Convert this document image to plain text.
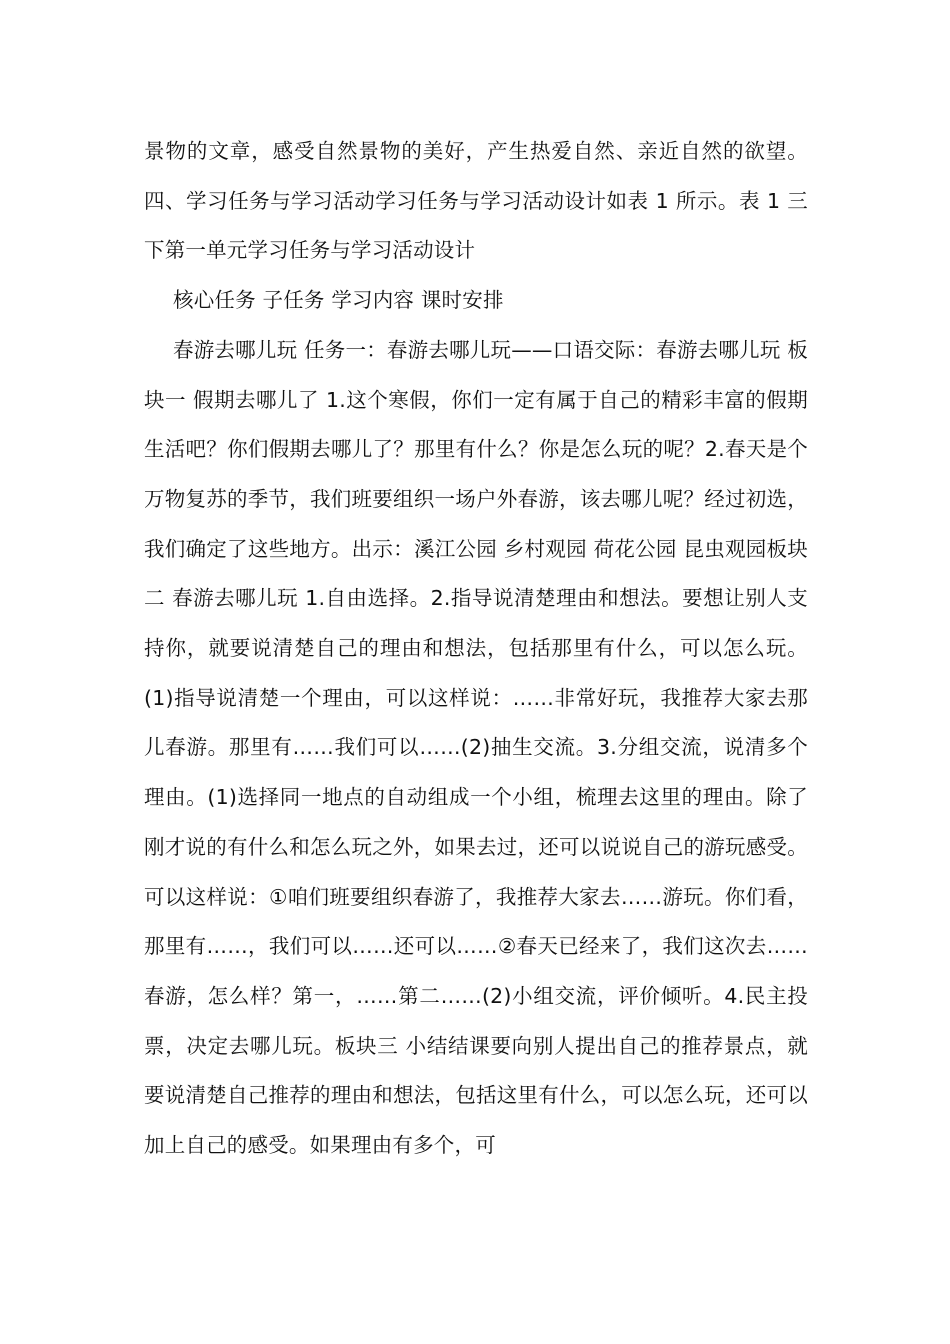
景物的文章，感受自然景物的美好，产生热爱自然、亲近自然的欲望。四、学习任务与学习活动学习任务与学习活动设计如表 1 所示。表 1 三下第一单元学习任务与学习活动设计

核心任务 子任务 学习内容 课时安排

春游去哪儿玩 任务一：春游去哪儿玩——口语交际：春游去哪儿玩 板块一 假期去哪儿了 1.这个寒假，你们一定有属于自己的精彩丰富的假期生活吧？你们假期去哪儿了？那里有什么？你是怎么玩的呢？2.春天是个万物复苏的季节，我们班要组织一场户外春游，该去哪儿呢？经过初选，我们确定了这些地方。出示：溪江公园 乡村观园 荷花公园 昆虫观园板块二 春游去哪儿玩 1.自由选择。2.指导说清楚理由和想法。要想让别人支持你，就要说清楚自己的理由和想法，包括那里有什么，可以怎么玩。(1)指导说清楚一个理由，可以这样说：……非常好玩，我推荐大家去那儿春游。那里有……我们可以……(2)抽生交流。3.分组交流，说清多个理由。(1)选择同一地点的自动组成一个小组，梳理去这里的理由。除了刚才说的有什么和怎么玩之外，如果去过，还可以说说自己的游玩感受。可以这样说：①咱们班要组织春游了，我推荐大家去……游玩。你们看，那里有……，我们可以……还可以……②春天已经来了，我们这次去……春游，怎么样？第一，……第二……(2)小组交流，评价倾听。4.民主投票，决定去哪儿玩。板块三 小结结课要向别人提出自己的推荐景点，就要说清楚自己推荐的理由和想法，包括这里有什么，可以怎么玩，还可以加上自己的感受。如果理由有多个，可
